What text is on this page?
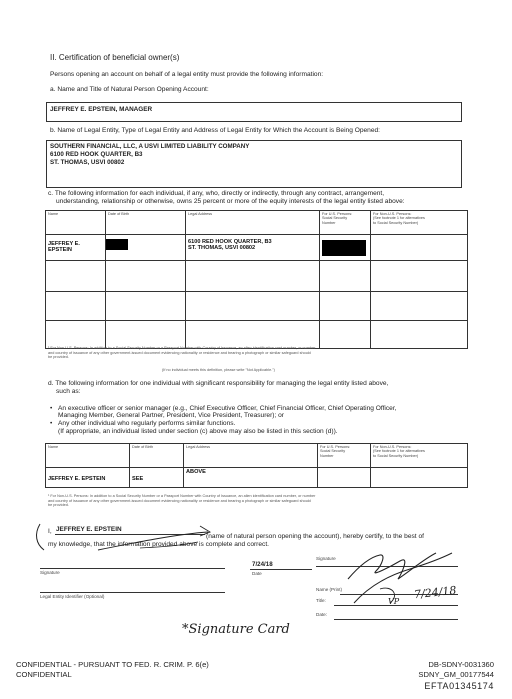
II. Certification of beneficial owner(s)
Persons opening an account on behalf of a legal entity must provide the following information:
a. Name and Title of Natural Person Opening Account:
JEFFREY E. EPSTEIN, MANAGER
b. Name of Legal Entity, Type of Legal Entity and Address of Legal Entity for Which the Account is Being Opened:
SOUTHERN FINANCIAL, LLC, A USVI LIMITED LIABILITY COMPANY
6100 RED HOOK QUARTER, B3
ST. THOMAS, USVI 00802
c. The following information for each individual, if any, who, directly or indirectly, through any contract, arrangement,
understanding, relationship or otherwise, owns 25 percent or more of the equity interests of the legal entity listed above:
Name	Date of Birth	Legal Address	For U.S. Persons:
Social Security
Number	For Non-U.S. Persons:
(See footnote 1 for alternatives
to Social Security Number)
JEFFREY E. EPSTEIN		6100 RED HOOK QUARTER, B3
ST. THOMAS, USVI 00802	

¹ For Non-U.S. Persons: In addition to a Social Security Number or a Passport Number with Country of Issuance, an alien identification card number, or number
and country of issuance of any other government-issued document evidencing nationality or residence and bearing a photograph or similar safeguard should
be provided.
(If no individual meets this definition, please write "Not Applicable.")
d. The following information for one individual with significant responsibility for managing the legal entity listed above,
such as:
• An executive officer or senior manager (e.g., Chief Executive Officer, Chief Financial Officer, Chief Operating Officer,
Managing Member, General Partner, President, Vice President, Treasurer); or
• Any other individual who regularly performs similar functions.
(If appropriate, an individual listed under section (c) above may also be listed in this section (d)).
Name	Date of Birth	Legal Address	For U.S. Persons:
Social Security
Number	For Non-U.S. Persons:
(See footnote 1 for alternatives
to Social Security Number)
JEFFREY E. EPSTEIN	SEE	ABOVE		
¹ For Non-U.S. Persons: In addition to a Social Security Number or a Passport Number with Country of Issuance, an alien identification card number, or number
and country of issuance of any other government-issued document evidencing nationality or residence and bearing a photograph or similar safeguard should
be provided.
I, JEFFREY E. EPSTEIN
(name of natural person opening the account), hereby certify, to the best of
my knowledge, that the information provided above is complete and correct.
Signature
7/24/18
Date
Legal Entity Identifier (Optional)
Signature
Name (Print)
Title:	VP
Date:
7/24/18
*Signature Card
CONFIDENTIAL - PURSUANT TO FED. R. CRIM. P. 6(e)
CONFIDENTIAL
DB-SDNY-0031360
SDNY_GM_00177544
EFTA01345174
